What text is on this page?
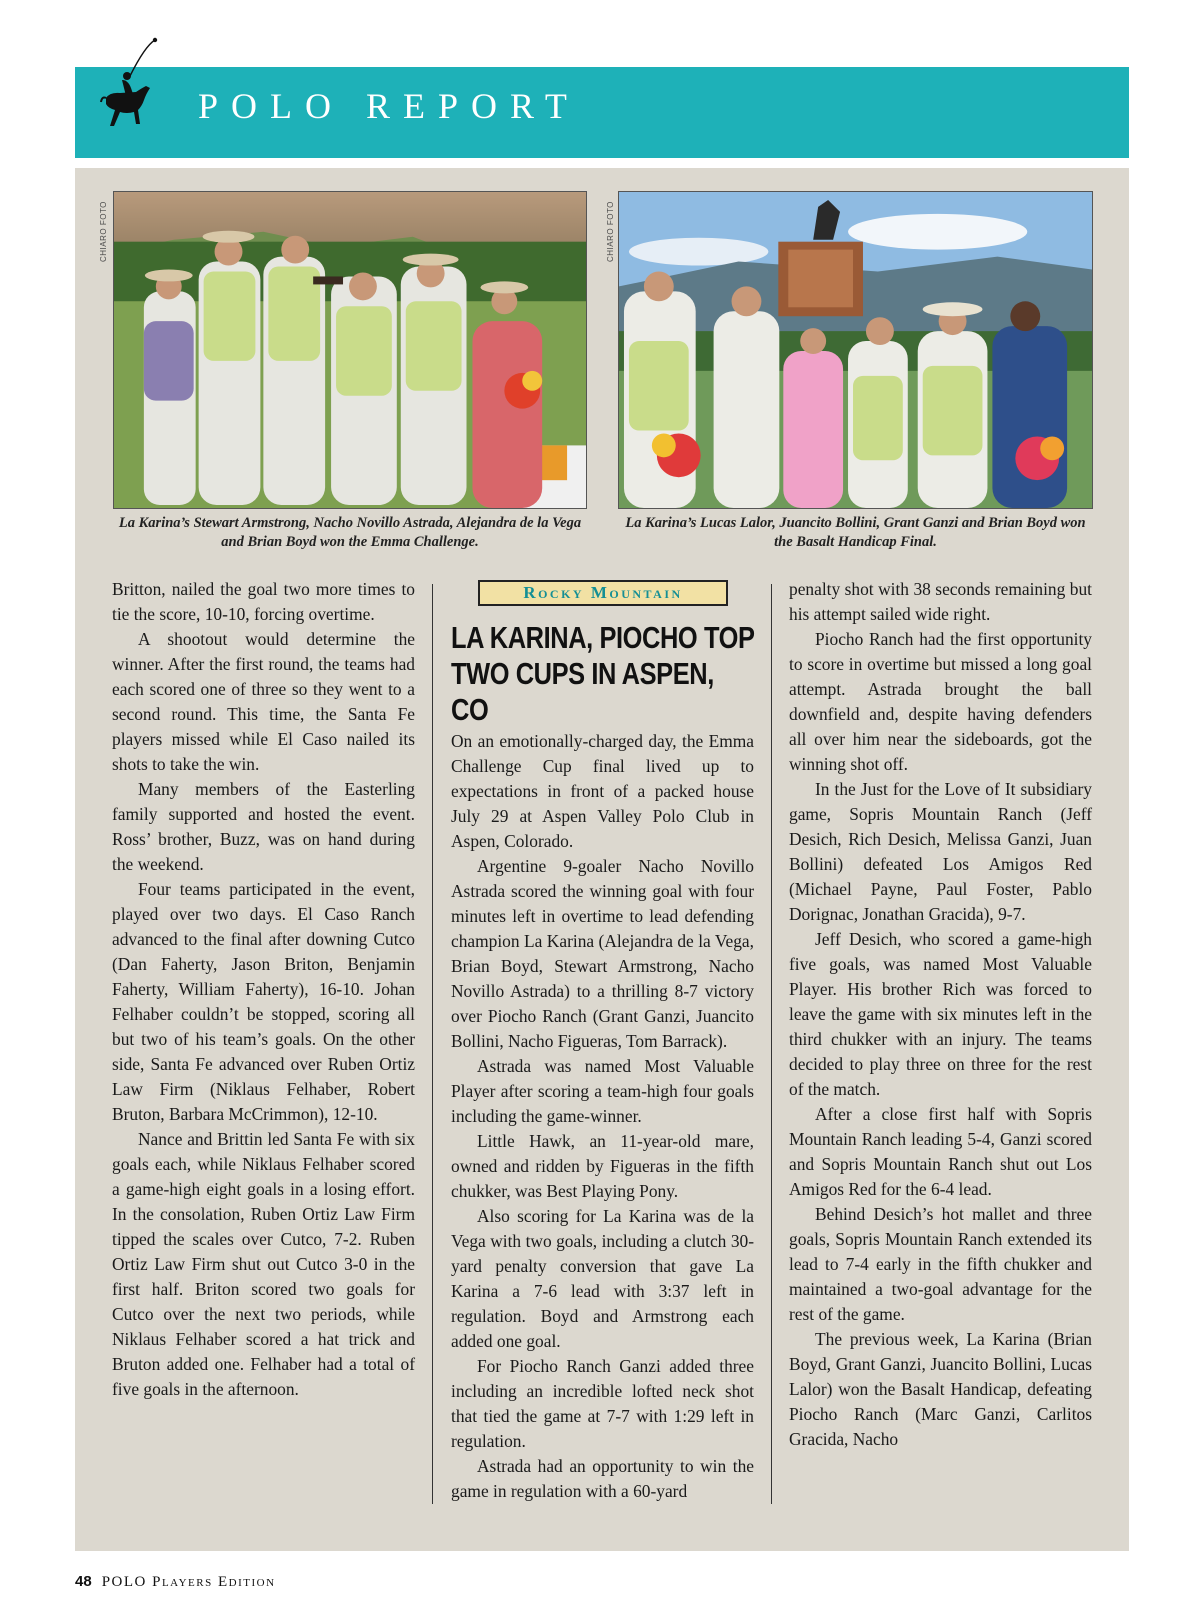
POLO REPORT
CHIARO FOTO
La Karina’s Stewart Armstrong, Nacho Novillo Astrada, Alejandra de la Vega and Brian Boyd won the Emma Challenge.
CHIARO FOTO
La Karina’s Lucas Lalor, Juancito Bollini, Grant Ganzi and Brian Boyd won the Basalt Handicap Final.

Britton, nailed the goal two more times to tie the score, 10-10, forcing overtime.

A shootout would determine the winner. After the first round, the teams had each scored one of three so they went to a second round. This time, the Santa Fe players missed while El Caso nailed its shots to take the win.

Many members of the Easterling family supported and hosted the event. Ross’ brother, Buzz, was on hand during the weekend.

Four teams participated in the event, played over two days. El Caso Ranch advanced to the final after downing Cutco (Dan Faherty, Jason Briton, Benjamin Faherty, William Faherty), 16-10. Johan Felhaber couldn’t be stopped, scoring all but two of his team’s goals. On the other side, Santa Fe advanced over Ruben Ortiz Law Firm (Niklaus Felhaber, Robert Bruton, Barbara McCrimmon), 12-10.

Nance and Brittin led Santa Fe with six goals each, while Niklaus Felhaber scored a game-high eight goals in a losing effort. In the consolation, Ruben Ortiz Law Firm tipped the scales over Cutco, 7-2. Ruben Ortiz Law Firm shut out Cutco 3-0 in the first half. Briton scored two goals for Cutco over the next two periods, while Niklaus Felhaber scored a hat trick and Bruton added one. Felhaber had a total of five goals in the afternoon.

Rocky Mountain
LA KARINA, PIOCHO TOP TWO CUPS IN ASPEN, CO

On an emotionally-charged day, the Emma Challenge Cup final lived up to expectations in front of a packed house July 29 at Aspen Valley Polo Club in Aspen, Colorado.

Argentine 9-goaler Nacho Novillo Astrada scored the winning goal with four minutes left in overtime to lead defending champion La Karina (Alejandra de la Vega, Brian Boyd, Stewart Armstrong, Nacho Novillo Astrada) to a thrilling 8-7 victory over Piocho Ranch (Grant Ganzi, Juancito Bollini, Nacho Figueras, Tom Barrack).

Astrada was named Most Valuable Player after scoring a team-high four goals including the game-winner.

Little Hawk, an 11-year-old mare, owned and ridden by Figueras in the fifth chukker, was Best Playing Pony.

Also scoring for La Karina was de la Vega with two goals, including a clutch 30-yard penalty conversion that gave La Karina a 7-6 lead with 3:37 left in regulation. Boyd and Armstrong each added one goal.

For Piocho Ranch Ganzi added three including an incredible lofted neck shot that tied the game at 7-7 with 1:29 left in regulation.

Astrada had an opportunity to win the game in regulation with a 60-yard

penalty shot with 38 seconds remaining but his attempt sailed wide right.

Piocho Ranch had the first opportunity to score in overtime but missed a long goal attempt. Astrada brought the ball downfield and, despite having defenders all over him near the sideboards, got the winning shot off.

In the Just for the Love of It subsidiary game, Sopris Mountain Ranch (Jeff Desich, Rich Desich, Melissa Ganzi, Juan Bollini) defeated Los Amigos Red (Michael Payne, Paul Foster, Pablo Dorignac, Jonathan Gracida), 9-7.

Jeff Desich, who scored a game-high five goals, was named Most Valuable Player. His brother Rich was forced to leave the game with six minutes left in the third chukker with an injury. The teams decided to play three on three for the rest of the match.

After a close first half with Sopris Mountain Ranch leading 5-4, Ganzi scored and Sopris Mountain Ranch shut out Los Amigos Red for the 6-4 lead.

Behind Desich’s hot mallet and three goals, Sopris Mountain Ranch extended its lead to 7-4 early in the fifth chukker and maintained a two-goal advantage for the rest of the game.

The previous week, La Karina (Brian Boyd, Grant Ganzi, Juancito Bollini, Lucas Lalor) won the Basalt Handicap, defeating Piocho Ranch (Marc Ganzi, Carlitos Gracida, Nacho

48 POLO Players Edition
